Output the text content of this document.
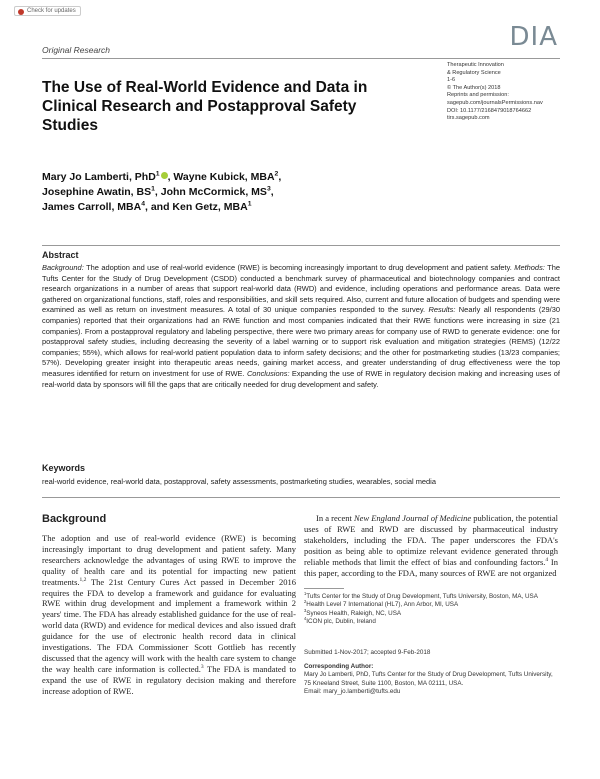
Check for updates
Original Research	DIA
Therapeutic Innovation
& Regulatory Science
1-6
© The Author(s) 2018
Reprints and permission:
sagepub.com/journalsPermissions.nav
DOI: 10.1177/2168479018764662
tirs.sagepub.com
The Use of Real-World Evidence and Data in Clinical Research and Postapproval Safety Studies
Mary Jo Lamberti, PhD$^1$ , Wayne Kubick, MBA$^2$,
Josephine Awatin, $BS^1$, John McCormick, $MS^3$,
James Carroll, MBA$^4$, and Ken Getz, MBA$^1$
Abstract
Background: The adoption and use of real-world evidence (RWE) is becoming increasingly important to drug development and patient safety. Methods: The Tufts Center for the Study of Drug Development (CSDD) conducted a benchmark survey of pharmaceutical and biotechnology companies and contract research organizations in a number of areas that support real-world data (RWD) and evidence, including operations and performance areas. Data were gathered on organizational functions, staff, roles and responsibilities, and skill sets required. Also, current and future allocation of budgets and spending were examined as well as return on investment measures. A total of 30 unique companies responded to the survey. Results: Nearly all respondents (29/30 companies) reported that their organizations had an RWE function and most companies indicated that their RWE functions were increasing in size (21 companies). From a postapproval regulatory and labeling perspective, there were two primary areas for company use of RWD to generate evidence: one for postapproval safety studies, including decreasing the severity of a label warning or to support risk evaluation and mitigation strategies (REMS) (12/22 companies; 55%), which allows for real-world patient population data to inform safety decisions; and the other for postmarketing studies (13/23 companies; 57%). Developing greater insight into therapeutic areas needs, gaining market access, and greater understanding of drug effectiveness were the top measures identified for return on investment for use of RWE. Conclusions: Expanding the use of RWE in regulatory decision making and increasing uses of real-world data by sponsors will fill the gaps that are critically needed for drug development and safety.
Keywords
real-world evidence, real-world data, postapproval, safety assessments, postmarketing studies, wearables, social media
Background
The adoption and use of real-world evidence (RWE) is becoming increasingly important to drug development and patient safety. Many researchers acknowledge the advantages of using RWE to improve the quality of health care and its potential for impacting new patient treatments.$^{1,2}$ The 21st Century Cures Act passed in December 2016 requires the FDA to develop a framework and guidance for evaluating RWE within drug development and implement a framework within 2 years' time. The FDA has already established guidance for the use of real-world data (RWD) and evidence for medical devices and also issued draft guidance for the use of electronic health record data in clinical investigations. The FDA Commissioner Scott Gottlieb has recently discussed that the agency will work with the health care system to change the way health care information is collected.$^3$ The FDA is mandated to expand the use of RWE in regulatory decision making and therefore increase adoption of RWE.
In a recent New England Journal of Medicine publication, the potential uses of RWE and RWD are discussed by pharmaceutical industry stakeholders, including the FDA. The paper underscores the FDA's position as being able to optimize relevant evidence generated through reliable methods that limit the effect of bias and confounding factors.$^4$ In this paper, according to the FDA, many sources of RWE are not organized
$^1$Tufts Center for the Study of Drug Development, Tufts University, Boston, MA, USA
$^2$Health Level 7 International (HL7), Ann Arbor, MI, USA
$^3$Syneos Health, Raleigh, NC, USA
$^4$ICON plc, Dublin, Ireland
Submitted 1-Nov-2017; accepted 9-Feb-2018
Corresponding Author:
Mary Jo Lamberti, PhD, Tufts Center for the Study of Drug Development, Tufts University, 75 Kneeland Street, Suite 1100, Boston, MA 02111, USA.
Email: mary_jo.lamberti@tufts.edu
